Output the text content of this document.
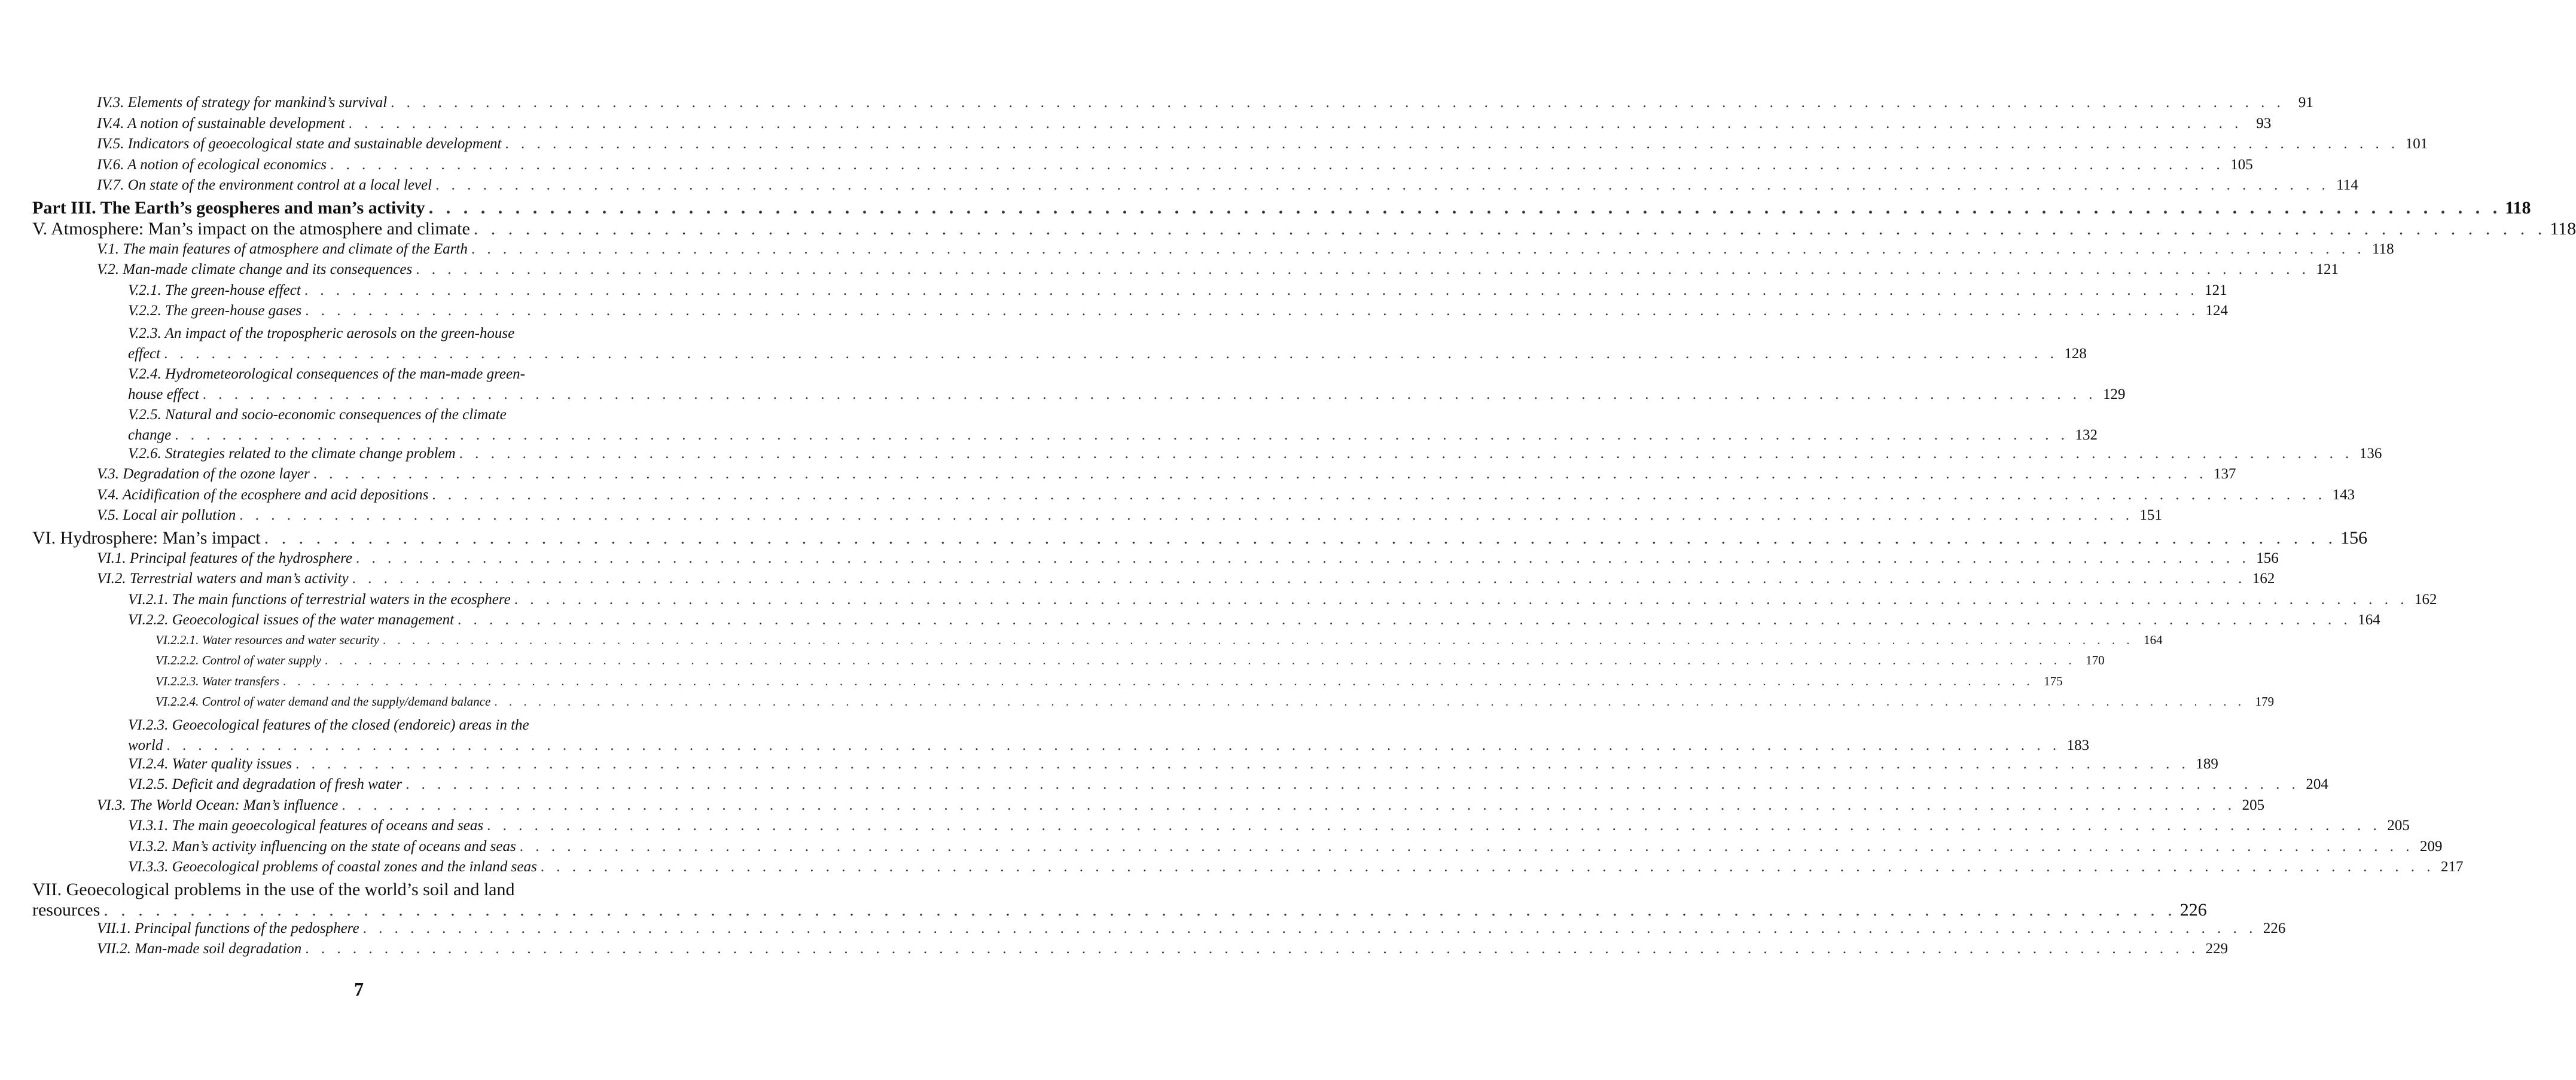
IV.3. Elements of strategy for mankind’s survival . . . . . . . . . . . . . . . . . . . . . . . . . . . . . . . . . . . . . . . . . . . . . . . . . . . . . . . . . . . . . . . . . . . . . . . . . . . . . . . . . . . . . . . . . . . . . . . . . . . . . . . . . . . . . . . . . . . . . . . . 91
IV.4. A notion of sustainable development . . . . . . . . . . . . . . . . . . . . . . . . . . . . . . . . . . . . . . . . . . . . . . . . . . . . . . . . . . . . . . . . . . . . . . . . . . . . . . . . . . . . . . . . . . . . . . . . . . . . . . . . . . . . . . . . . . . . . . . . 93
IV.5. Indicators of geoecological state and sustainable development . . . . . . . . . . . . . . . . . . . . . . . . . . . . . . . . . . . . . . . . . . . . . . . . . . . . . . . . . . . . . . . . . . . . . . . . . . . . . . . . . . . . . . . . . . . . . . . . . . . . . . . . . . . . . . . . . . . . . . . . 101
IV.6. A notion of ecological economics . . . . . . . . . . . . . . . . . . . . . . . . . . . . . . . . . . . . . . . . . . . . . . . . . . . . . . . . . . . . . . . . . . . . . . . . . . . . . . . . . . . . . . . . . . . . . . . . . . . . . . . . . . . . . . . . . . . . . . . . 105
IV.7. On state of the environment control at a local level . . . . . . . . . . . . . . . . . . . . . . . . . . . . . . . . . . . . . . . . . . . . . . . . . . . . . . . . . . . . . . . . . . . . . . . . . . . . . . . . . . . . . . . . . . . . . . . . . . . . . . . . . . . . . . . . . . . . . . . . 114
Part III. The Earth’s geospheres and man’s activity . . . . . . . . . . . . . . . . . . . . . . . . . . . . . . . . . . . . . . . . . . . . . . . . . . . . . . . . . . . . . . . . . . . . . . . . . . . . . . . . . . . . . . . . . . . . . . . . . . . . . . . . . . . . . . . . . . . . . . . . 118
V. Atmosphere: Man’s impact on the atmosphere and climate . . . . . . . . . . . . . . . . . . . . . . . . . . . . . . . . . . . . . . . . . . . . . . . . . . . . . . . . . . . . . . . . . . . . . . . . . . . . . . . . . . . . . . . . . . . . . . . . . . . . . . . . . . . . . . . . . . . . . . . . 118
V.1. The main features of atmosphere and climate of the Earth . . . . . . . . . . . . . . . . . . . . . . . . . . . . . . . . . . . . . . . . . . . . . . . . . . . . . . . . . . . . . . . . . . . . . . . . . . . . . . . . . . . . . . . . . . . . . . . . . . . . . . . . . . . . . . . . . . . . . . . . 118
V.2. Man-made climate change and its consequences . . . . . . . . . . . . . . . . . . . . . . . . . . . . . . . . . . . . . . . . . . . . . . . . . . . . . . . . . . . . . . . . . . . . . . . . . . . . . . . . . . . . . . . . . . . . . . . . . . . . . . . . . . . . . . . . . . . . . . . . 121
V.2.1. The green-house effect . . . . . . . . . . . . . . . . . . . . . . . . . . . . . . . . . . . . . . . . . . . . . . . . . . . . . . . . . . . . . . . . . . . . . . . . . . . . . . . . . . . . . . . . . . . . . . . . . . . . . . . . . . . . . . . . . . . . . . . . 121
V.2.2. The green-house gases . . . . . . . . . . . . . . . . . . . . . . . . . . . . . . . . . . . . . . . . . . . . . . . . . . . . . . . . . . . . . . . . . . . . . . . . . . . . . . . . . . . . . . . . . . . . . . . . . . . . . . . . . . . . . . . . . . . . . . . . 124
V.2.3. An impact of the tropospheric aerosols on the green-house
effect . . . . . . . . . . . . . . . . . . . . . . . . . . . . . . . . . . . . . . . . . . . . . . . . . . . . . . . . . . . . . . . . . . . . . . . . . . . . . . . . . . . . . . . . . . . . . . . . . . . . . . . . . . . . . . . . . . . . . . . . 128
V.2.4. Hydrometeorological consequences of the man-made green-
house effect . . . . . . . . . . . . . . . . . . . . . . . . . . . . . . . . . . . . . . . . . . . . . . . . . . . . . . . . . . . . . . . . . . . . . . . . . . . . . . . . . . . . . . . . . . . . . . . . . . . . . . . . . . . . . . . . . . . . . . . . 129
V.2.5. Natural and socio-economic consequences of the climate
change . . . . . . . . . . . . . . . . . . . . . . . . . . . . . . . . . . . . . . . . . . . . . . . . . . . . . . . . . . . . . . . . . . . . . . . . . . . . . . . . . . . . . . . . . . . . . . . . . . . . . . . . . . . . . . . . . . . . . . . . 132
V.2.6. Strategies related to the climate change problem . . . . . . . . . . . . . . . . . . . . . . . . . . . . . . . . . . . . . . . . . . . . . . . . . . . . . . . . . . . . . . . . . . . . . . . . . . . . . . . . . . . . . . . . . . . . . . . . . . . . . . . . . . . . . . . . . . . . . . . . 136
V.3. Degradation of the ozone layer . . . . . . . . . . . . . . . . . . . . . . . . . . . . . . . . . . . . . . . . . . . . . . . . . . . . . . . . . . . . . . . . . . . . . . . . . . . . . . . . . . . . . . . . . . . . . . . . . . . . . . . . . . . . . . . . . . . . . . . . 137
V.4. Acidification of the ecosphere and acid depositions . . . . . . . . . . . . . . . . . . . . . . . . . . . . . . . . . . . . . . . . . . . . . . . . . . . . . . . . . . . . . . . . . . . . . . . . . . . . . . . . . . . . . . . . . . . . . . . . . . . . . . . . . . . . . . . . . . . . . . . . 143
V.5. Local air pollution . . . . . . . . . . . . . . . . . . . . . . . . . . . . . . . . . . . . . . . . . . . . . . . . . . . . . . . . . . . . . . . . . . . . . . . . . . . . . . . . . . . . . . . . . . . . . . . . . . . . . . . . . . . . . . . . . . . . . . . . 151
VI. Hydrosphere: Man’s impact . . . . . . . . . . . . . . . . . . . . . . . . . . . . . . . . . . . . . . . . . . . . . . . . . . . . . . . . . . . . . . . . . . . . . . . . . . . . . . . . . . . . . . . . . . . . . . . . . . . . . . . . . . . . . . . . . . . . . . . . 156
VI.1. Principal features of the hydrosphere . . . . . . . . . . . . . . . . . . . . . . . . . . . . . . . . . . . . . . . . . . . . . . . . . . . . . . . . . . . . . . . . . . . . . . . . . . . . . . . . . . . . . . . . . . . . . . . . . . . . . . . . . . . . . . . . . . . . . . . . 156
VI.2. Terrestrial waters and man’s activity . . . . . . . . . . . . . . . . . . . . . . . . . . . . . . . . . . . . . . . . . . . . . . . . . . . . . . . . . . . . . . . . . . . . . . . . . . . . . . . . . . . . . . . . . . . . . . . . . . . . . . . . . . . . . . . . . . . . . . . . 162
VI.2.1. The main functions of terrestrial waters in the ecosphere . . . . . . . . . . . . . . . . . . . . . . . . . . . . . . . . . . . . . . . . . . . . . . . . . . . . . . . . . . . . . . . . . . . . . . . . . . . . . . . . . . . . . . . . . . . . . . . . . . . . . . . . . . . . . . . . . . . . . . . . 162
VI.2.2. Geoecological issues of the water management . . . . . . . . . . . . . . . . . . . . . . . . . . . . . . . . . . . . . . . . . . . . . . . . . . . . . . . . . . . . . . . . . . . . . . . . . . . . . . . . . . . . . . . . . . . . . . . . . . . . . . . . . . . . . . . . . . . . . . . . 164
VI.2.2.1. Water resources and water security . . . . . . . . . . . . . . . . . . . . . . . . . . . . . . . . . . . . . . . . . . . . . . . . . . . . . . . . . . . . . . . . . . . . . . . . . . . . . . . . . . . . . . . . . . . . . . . . . . . . . . . . . . . . . . . . . . . . . . . . 164
VI.2.2.2. Control of water supply . . . . . . . . . . . . . . . . . . . . . . . . . . . . . . . . . . . . . . . . . . . . . . . . . . . . . . . . . . . . . . . . . . . . . . . . . . . . . . . . . . . . . . . . . . . . . . . . . . . . . . . . . . . . . . . . . . . . . . . . 170
VI.2.2.3. Water transfers . . . . . . . . . . . . . . . . . . . . . . . . . . . . . . . . . . . . . . . . . . . . . . . . . . . . . . . . . . . . . . . . . . . . . . . . . . . . . . . . . . . . . . . . . . . . . . . . . . . . . . . . . . . . . . . . . . . . . . . . 175
VI.2.2.4. Control of water demand and the supply/demand balance . . . . . . . . . . . . . . . . . . . . . . . . . . . . . . . . . . . . . . . . . . . . . . . . . . . . . . . . . . . . . . . . . . . . . . . . . . . . . . . . . . . . . . . . . . . . . . . . . . . . . . . . . . . . . . . . . . . . . . . . 179
VI.2.3. Geoecological features of the closed (endoreic) areas in the
world . . . . . . . . . . . . . . . . . . . . . . . . . . . . . . . . . . . . . . . . . . . . . . . . . . . . . . . . . . . . . . . . . . . . . . . . . . . . . . . . . . . . . . . . . . . . . . . . . . . . . . . . . . . . . . . . . . . . . . . . 183
VI.2.4. Water quality issues . . . . . . . . . . . . . . . . . . . . . . . . . . . . . . . . . . . . . . . . . . . . . . . . . . . . . . . . . . . . . . . . . . . . . . . . . . . . . . . . . . . . . . . . . . . . . . . . . . . . . . . . . . . . . . . . . . . . . . . . 189
VI.2.5. Deficit and degradation of fresh water . . . . . . . . . . . . . . . . . . . . . . . . . . . . . . . . . . . . . . . . . . . . . . . . . . . . . . . . . . . . . . . . . . . . . . . . . . . . . . . . . . . . . . . . . . . . . . . . . . . . . . . . . . . . . . . . . . . . . . . . 204
VI.3. The World Ocean: Man’s influence . . . . . . . . . . . . . . . . . . . . . . . . . . . . . . . . . . . . . . . . . . . . . . . . . . . . . . . . . . . . . . . . . . . . . . . . . . . . . . . . . . . . . . . . . . . . . . . . . . . . . . . . . . . . . . . . . . . . . . . . 205
VI.3.1. The main geoecological features of oceans and seas . . . . . . . . . . . . . . . . . . . . . . . . . . . . . . . . . . . . . . . . . . . . . . . . . . . . . . . . . . . . . . . . . . . . . . . . . . . . . . . . . . . . . . . . . . . . . . . . . . . . . . . . . . . . . . . . . . . . . . . . 205
VI.3.2. Man’s activity influencing on the state of oceans and seas . . . . . . . . . . . . . . . . . . . . . . . . . . . . . . . . . . . . . . . . . . . . . . . . . . . . . . . . . . . . . . . . . . . . . . . . . . . . . . . . . . . . . . . . . . . . . . . . . . . . . . . . . . . . . . . . . . . . . . . . 209
VI.3.3. Geoecological problems of coastal zones and the inland seas . . . . . . . . . . . . . . . . . . . . . . . . . . . . . . . . . . . . . . . . . . . . . . . . . . . . . . . . . . . . . . . . . . . . . . . . . . . . . . . . . . . . . . . . . . . . . . . . . . . . . . . . . . . . . . . . . . . . . . . . 217
VII. Geoecological problems in the use of the world’s soil and land
resources . . . . . . . . . . . . . . . . . . . . . . . . . . . . . . . . . . . . . . . . . . . . . . . . . . . . . . . . . . . . . . . . . . . . . . . . . . . . . . . . . . . . . . . . . . . . . . . . . . . . . . . . . . . . . . . . . . . . . . . . 226
VII.1. Principal functions of the pedosphere . . . . . . . . . . . . . . . . . . . . . . . . . . . . . . . . . . . . . . . . . . . . . . . . . . . . . . . . . . . . . . . . . . . . . . . . . . . . . . . . . . . . . . . . . . . . . . . . . . . . . . . . . . . . . . . . . . . . . . . . 226
VII.2. Man-made soil degradation . . . . . . . . . . . . . . . . . . . . . . . . . . . . . . . . . . . . . . . . . . . . . . . . . . . . . . . . . . . . . . . . . . . . . . . . . . . . . . . . . . . . . . . . . . . . . . . . . . . . . . . . . . . . . . . . . . . . . . . . 229
7
